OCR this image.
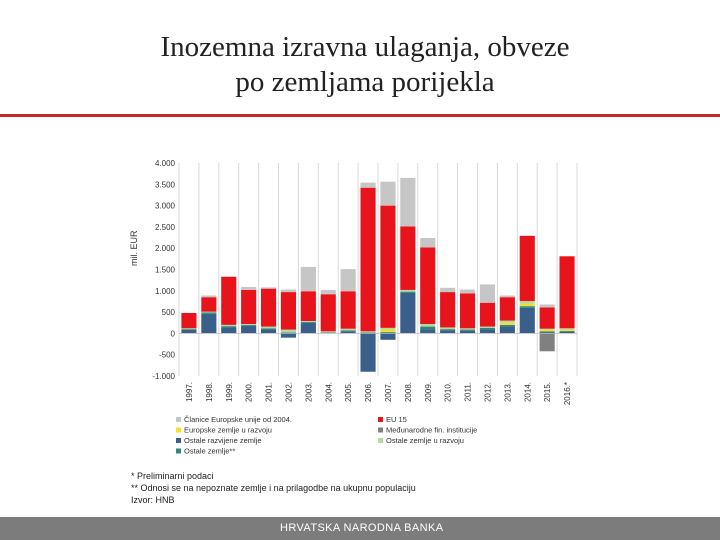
Inozemna izravna ulaganja, obveze
po zemljama porijekla
4.000
3.500
3.000
2.500
2.000
1.500
1.000
500
0
-500
-1.000
mil. EUR
1997. 1998. 1999. 2000. 2001. 2002. 2003. 2004. 2005. 2006. 2007. 2008. 2009. 2010. 2011. 2012. 2013. 2014. 2015. 2016.*
Članice Europske unije od 2004.	EU 15
Europske zemlje u razvoju	Međunarodne fin. institucije
Ostale razvijene zemlje	Ostale zemlje u razvoju
Ostale zemlje**
* Preliminarni podaci
** Odnosi se na nepoznate zemlje i na prilagodbe na ukupnu populaciju
Izvor: HNB
HRVATSKA NARODNA BANKA
